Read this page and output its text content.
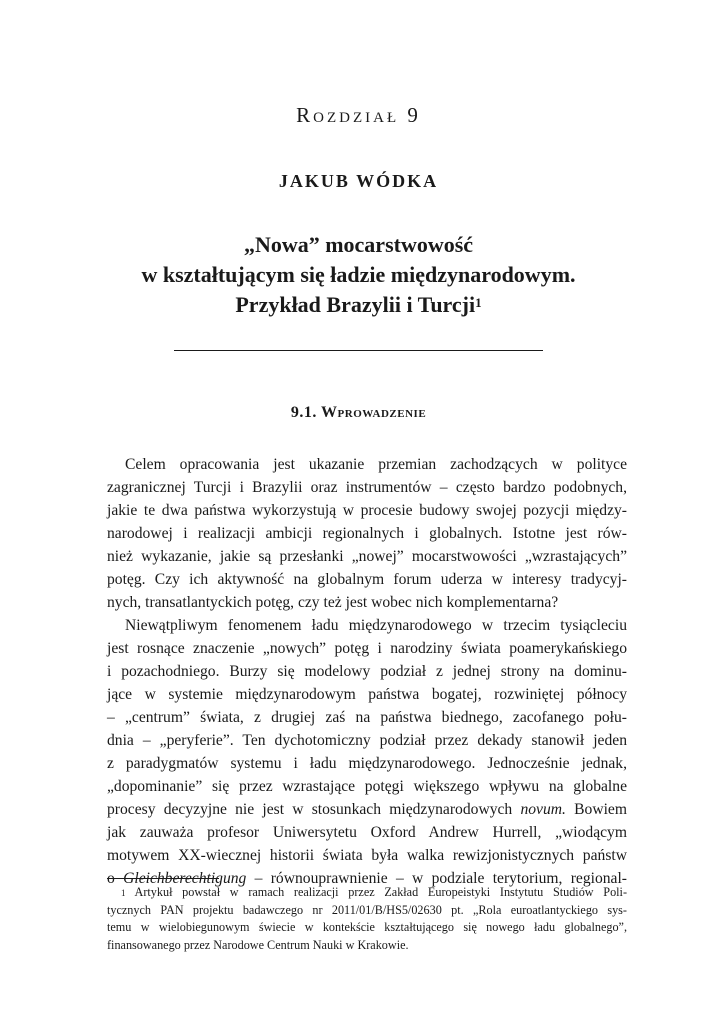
Rozdział 9
JAKUB WÓDKA
„Nowa” mocarstwowość
w kształtującym się ładzie międzynarodowym.
Przykład Brazylii i Turcji$^1$
9.1. Wprowadzenie
Celem opracowania jest ukazanie przemian zachodzących w polityce
zagranicznej Turcji i Brazylii oraz instrumentów – często bardzo podobnych,
jakie te dwa państwa wykorzystują w procesie budowy swojej pozycji między-
narodowej i realizacji ambicji regionalnych i globalnych. Istotne jest rów-
nież wykazanie, jakie są przesłanki „nowej” mocarstwowości „wzrastających”
potęg. Czy ich aktywność na globalnym forum uderza w interesy tradycyj-
nych, transatlantyckich potęg, czy też jest wobec nich komplementarna?
Niewątpliwym fenomenem ładu międzynarodowego w trzecim tysiącleciu
jest rosnące znaczenie „nowych” potęg i narodziny świata poamerykańskiego
i pozachodniego. Burzy się modelowy podział z jednej strony na dominu-
jące w systemie międzynarodowym państwa bogatej, rozwiniętej północy
– „centrum” świata, z drugiej zaś na państwa biednego, zacofanego połu-
dnia – „peryferie”. Ten dychotomiczny podział przez dekady stanowił jeden
z paradygmatów systemu i ładu międzynarodowego. Jednocześnie jednak,
„dopominanie” się przez wzrastające potęgi większego wpływu na globalne
procesy decyzyjne nie jest w stosunkach międzynarodowych novum. Bowiem
jak zauważa profesor Uniwersytetu Oxford Andrew Hurrell, „wiodącym
motywem XX-wiecznej historii świata była walka rewizjonistycznych państw
o Gleichberechtigung – równouprawnienie – w podziale terytorium, regional-
$^1$ Artykuł powstał w ramach realizacji przez Zakład Europeistyki Instytutu Studiów Poli-
tycznych PAN projektu badawczego nr 2011/01/B/HS5/02630 pt. „Rola euroatlantyckiego sys-
temu w wielobiegunowym świecie w kontekście kształtującego się nowego ładu globalnego”,
finansowanego przez Narodowe Centrum Nauki w Krakowie.
